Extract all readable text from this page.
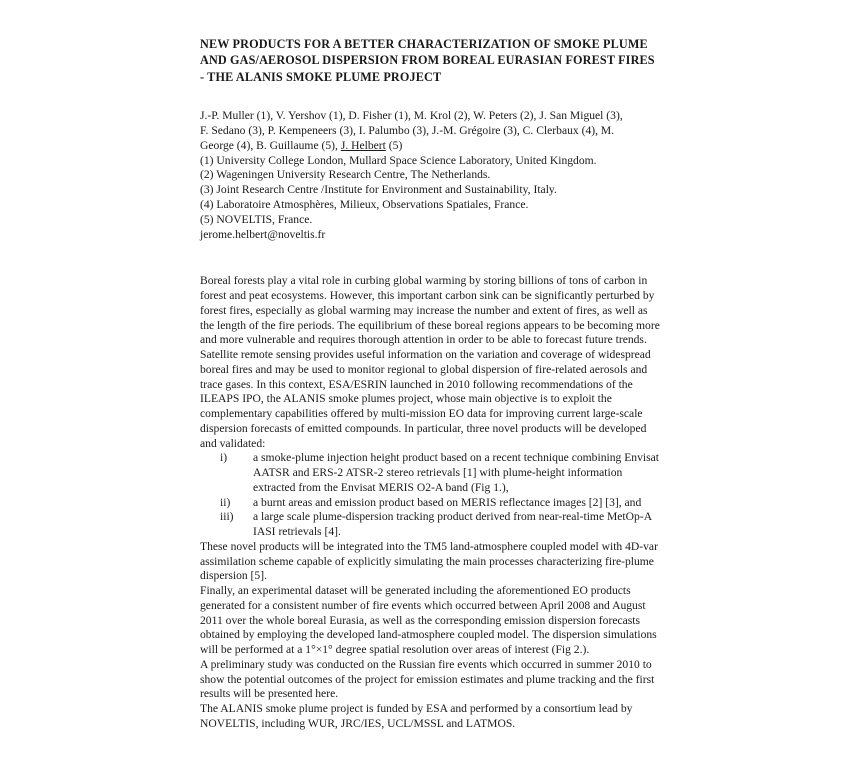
NEW PRODUCTS FOR A BETTER CHARACTERIZATION OF SMOKE PLUME AND GAS/AEROSOL DISPERSION FROM BOREAL EURASIAN FOREST FIRES - THE ALANIS SMOKE PLUME PROJECT

J.-P. Muller (1), V. Yershov (1), D. Fisher (1), M. Krol (2), W. Peters (2), J. San Miguel (3),

F. Sedano (3), P. Kempeneers (3), I. Palumbo (3), J.-M. Grégoire (3), C. Clerbaux (4), M.

George (4), B. Guillaume (5), J. Helbert (5)

(1) University College London, Mullard Space Science Laboratory, United Kingdom.

(2) Wageningen University Research Centre, The Netherlands.

(3) Joint Research Centre /Institute for Environment and Sustainability, Italy.

(4) Laboratoire Atmosphères, Milieux, Observations Spatiales, France.

(5) NOVELTIS, France.

jerome.helbert@noveltis.fr

Boreal forests play a vital role in curbing global warming by storing billions of tons of carbon in forest and peat ecosystems. However, this important carbon sink can be significantly perturbed by forest fires, especially as global warming may increase the number and extent of fires, as well as the length of the fire periods. The equilibrium of these boreal regions appears to be becoming more and more vulnerable and requires thorough attention in order to be able to forecast future trends.

Satellite remote sensing provides useful information on the variation and coverage of widespread boreal fires and may be used to monitor regional to global dispersion of fire-related aerosols and trace gases. In this context, ESA/ESRIN launched in 2010 following recommendations of the ILEAPS IPO, the ALANIS smoke plumes project, whose main objective is to exploit the complementary capabilities offered by multi-mission EO data for improving current large-scale dispersion forecasts of emitted compounds. In particular, three novel products will be developed and validated:

i)	a smoke-plume injection height product based on a recent technique combining Envisat AATSR and ERS-2 ATSR-2 stereo retrievals [1] with plume-height information extracted from the Envisat MERIS O2-A band (Fig 1.),
ii)	a burnt areas and emission product based on MERIS reflectance images [2] [3], and
iii)	a large scale plume-dispersion tracking product derived from near-real-time MetOp-A IASI retrievals [4].

These novel products will be integrated into the TM5 land-atmosphere coupled model with 4D-var assimilation scheme capable of explicitly simulating the main processes characterizing fire-plume dispersion [5].

Finally, an experimental dataset will be generated including the aforementioned EO products generated for a consistent number of fire events which occurred between April 2008 and August 2011 over the whole boreal Eurasia, as well as the corresponding emission dispersion forecasts obtained by employing the developed land-atmosphere coupled model. The dispersion simulations will be performed at a 1°×1° degree spatial resolution over areas of interest (Fig 2.).

A preliminary study was conducted on the Russian fire events which occurred in summer 2010 to show the potential outcomes of the project for emission estimates and plume tracking and the first results will be presented here.

The ALANIS smoke plume project is funded by ESA and performed by a consortium lead by NOVELTIS, including WUR, JRC/IES, UCL/MSSL and LATMOS.
